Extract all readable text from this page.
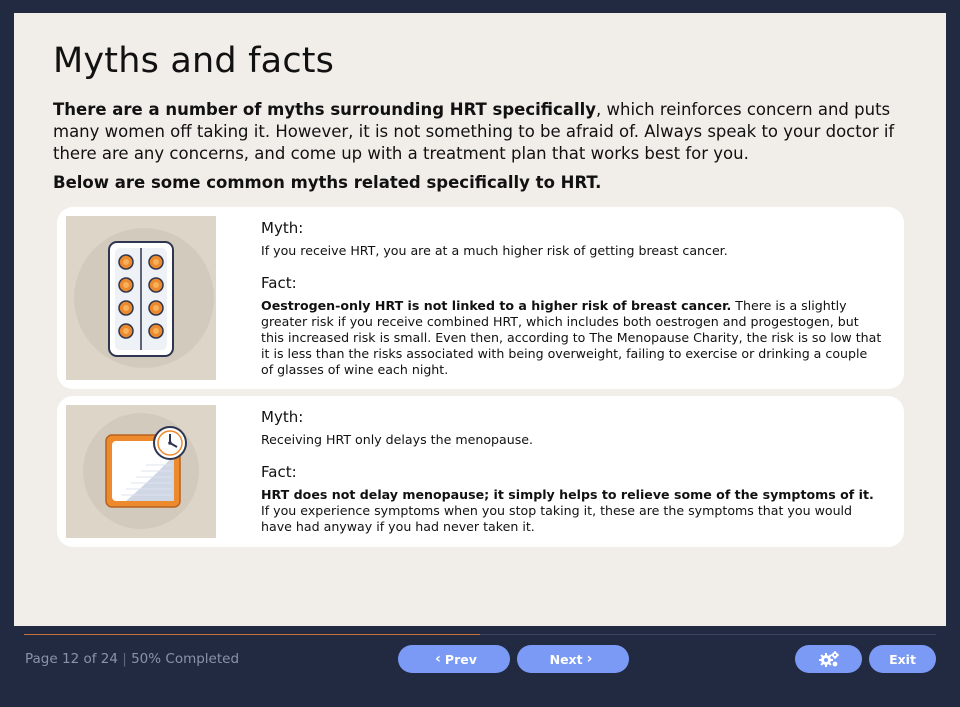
Myths and facts

There are a number of myths surrounding HRT specifically, which reinforces concern and puts many women off taking it. However, it is not something to be afraid of. Always speak to your doctor if there are any concerns, and come up with a treatment plan that works best for you.

Below are some common myths related specifically to HRT.

Myth:

If you receive HRT, you are at a much higher risk of getting breast cancer.

Fact:

Oestrogen-only HRT is not linked to a higher risk of breast cancer. There is a slightly greater risk if you receive combined HRT, which includes both oestrogen and progestogen, but this increased risk is small. Even then, according to The Menopause Charity, the risk is so low that it is less than the risks associated with being overweight, failing to exercise or drinking a couple of glasses of wine each night.

Myth:

Receiving HRT only delays the menopause.

Fact:

HRT does not delay menopause; it simply helps to relieve some of the symptoms of it. If you experience symptoms when you stop taking it, these are the symptoms that you would have had anyway if you had never taken it.

Page 12 of 24 | 50% Completed	‹ Prev	Next ›	Exit
